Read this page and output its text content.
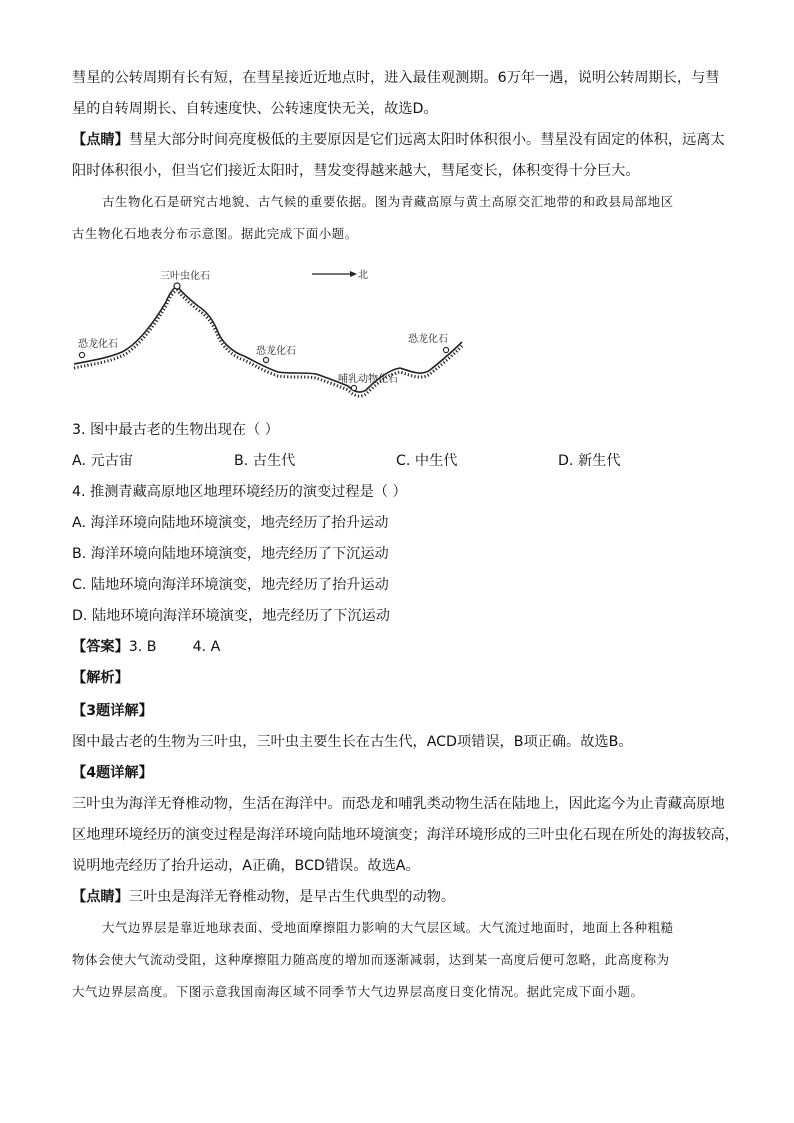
彗星的公转周期有长有短，在彗星接近近地点时，进入最佳观测期。6万年一遇，说明公转周期长，与彗
星的自转周期长、自转速度快、公转速度快无关，故选D。
【点睛】彗星大部分时间亮度极低的主要原因是它们远离太阳时体积很小。彗星没有固定的体积，远离太
阳时体积很小，但当它们接近太阳时，彗发变得越来越大，彗尾变长，体积变得十分巨大。
古生物化石是研究古地貌、古气候的重要依据。图为青藏高原与黄土高原交汇地带的和政县局部地区
古生物化石地表分布示意图。据此完成下面小题。
北
三叶虫化石
恐龙化石
恐龙化石
哺乳动物化石
恐龙化石
3. 图中最古老的生物出现在（ ）
A. 元古宙	B. 古生代	C. 中生代	D. 新生代
4. 推测青藏高原地区地理环境经历的演变过程是（ ）
A. 海洋环境向陆地环境演变，地壳经历了抬升运动
B. 海洋环境向陆地环境演变，地壳经历了下沉运动
C. 陆地环境向海洋环境演变，地壳经历了抬升运动
D. 陆地环境向海洋环境演变，地壳经历了下沉运动
【答案】3. B        4. A
【解析】
【3题详解】
图中最古老的生物为三叶虫，三叶虫主要生长在古生代，ACD项错误，B项正确。故选B。
【4题详解】
三叶虫为海洋无脊椎动物，生活在海洋中。而恐龙和哺乳类动物生活在陆地上，因此迄今为止青藏高原地
区地理环境经历的演变过程是海洋环境向陆地环境演变；海洋环境形成的三叶虫化石现在所处的海拔较高，
说明地壳经历了抬升运动，A正确，BCD错误。故选A。
【点睛】三叶虫是海洋无脊椎动物，是早古生代典型的动物。
大气边界层是靠近地球表面、受地面摩擦阻力影响的大气层区域。大气流过地面时，地面上各种粗糙
物体会使大气流动受阻，这种摩擦阻力随高度的增加而逐渐减弱，达到某一高度后便可忽略，此高度称为
大气边界层高度。下图示意我国南海区域不同季节大气边界层高度日变化情况。据此完成下面小题。
